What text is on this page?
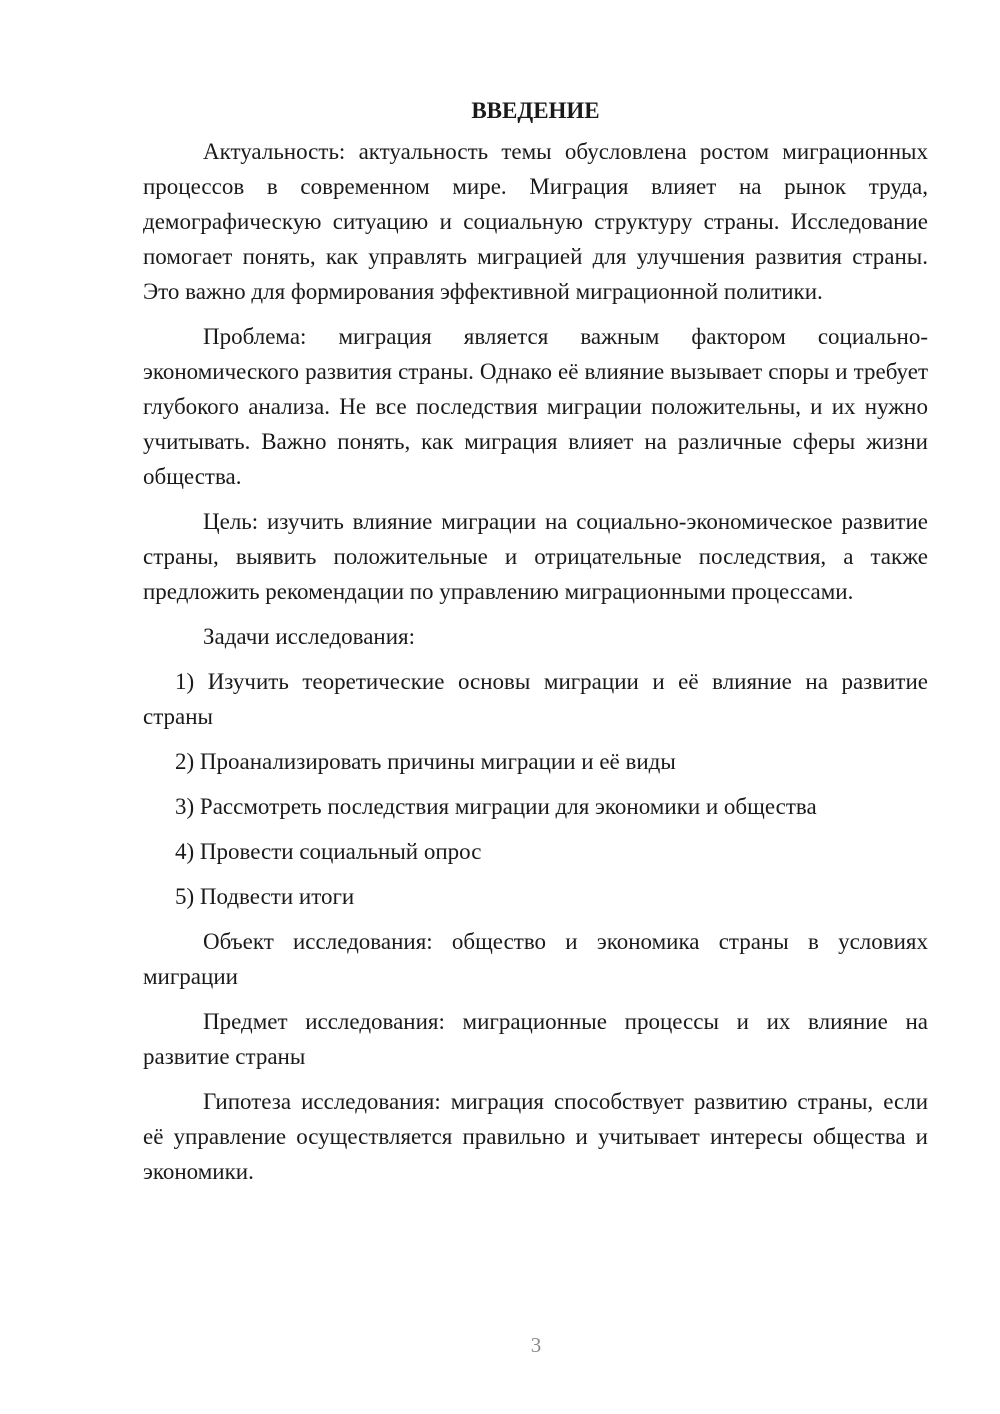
ВВЕДЕНИЕ

Актуальность: актуальность темы обусловлена ростом миграционных процессов в современном мире. Миграция влияет на рынок труда, демографическую ситуацию и социальную структуру страны. Исследование помогает понять, как управлять миграцией для улучшения развития страны. Это важно для формирования эффективной миграционной политики.

Проблема: миграция является важным фактором социально-экономического развития страны. Однако её влияние вызывает споры и требует глубокого анализа. Не все последствия миграции положительны, и их нужно учитывать. Важно понять, как миграция влияет на различные сферы жизни общества.

Цель: изучить влияние миграции на социально-экономическое развитие страны, выявить положительные и отрицательные последствия, а также предложить рекомендации по управлению миграционными процессами.

Задачи исследования:

1) Изучить теоретические основы миграции и её влияние на развитие страны

2) Проанализировать причины миграции и её виды

3) Рассмотреть последствия миграции для экономики и общества

4) Провести социальный опрос

5) Подвести итоги

Объект исследования: общество и экономика страны в условиях миграции

Предмет исследования: миграционные процессы и их влияние на развитие страны

Гипотеза исследования: миграция способствует развитию страны, если её управление осуществляется правильно и учитывает интересы общества и экономики.

3
